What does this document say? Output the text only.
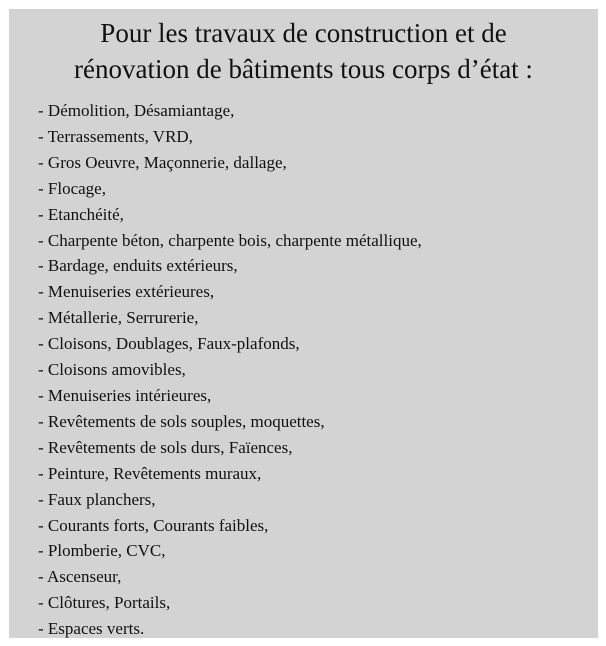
Pour les travaux de construction et de
rénovation de bâtiments tous corps d’état :
- Démolition, Désamiantage,
- Terrassements, VRD,
- Gros Oeuvre, Maçonnerie, dallage,
- Flocage,
- Etanchéité,
- Charpente béton, charpente bois, charpente métallique,
- Bardage, enduits extérieurs,
- Menuiseries extérieures,
- Métallerie, Serrurerie,
- Cloisons, Doublages, Faux-plafonds,
- Cloisons amovibles,
- Menuiseries intérieures,
- Revêtements de sols souples, moquettes,
- Revêtements de sols durs, Faïences,
- Peinture, Revêtements muraux,
- Faux planchers,
- Courants forts, Courants faibles,
- Plomberie, CVC,
- Ascenseur,
- Clôtures, Portails,
- Espaces verts.
